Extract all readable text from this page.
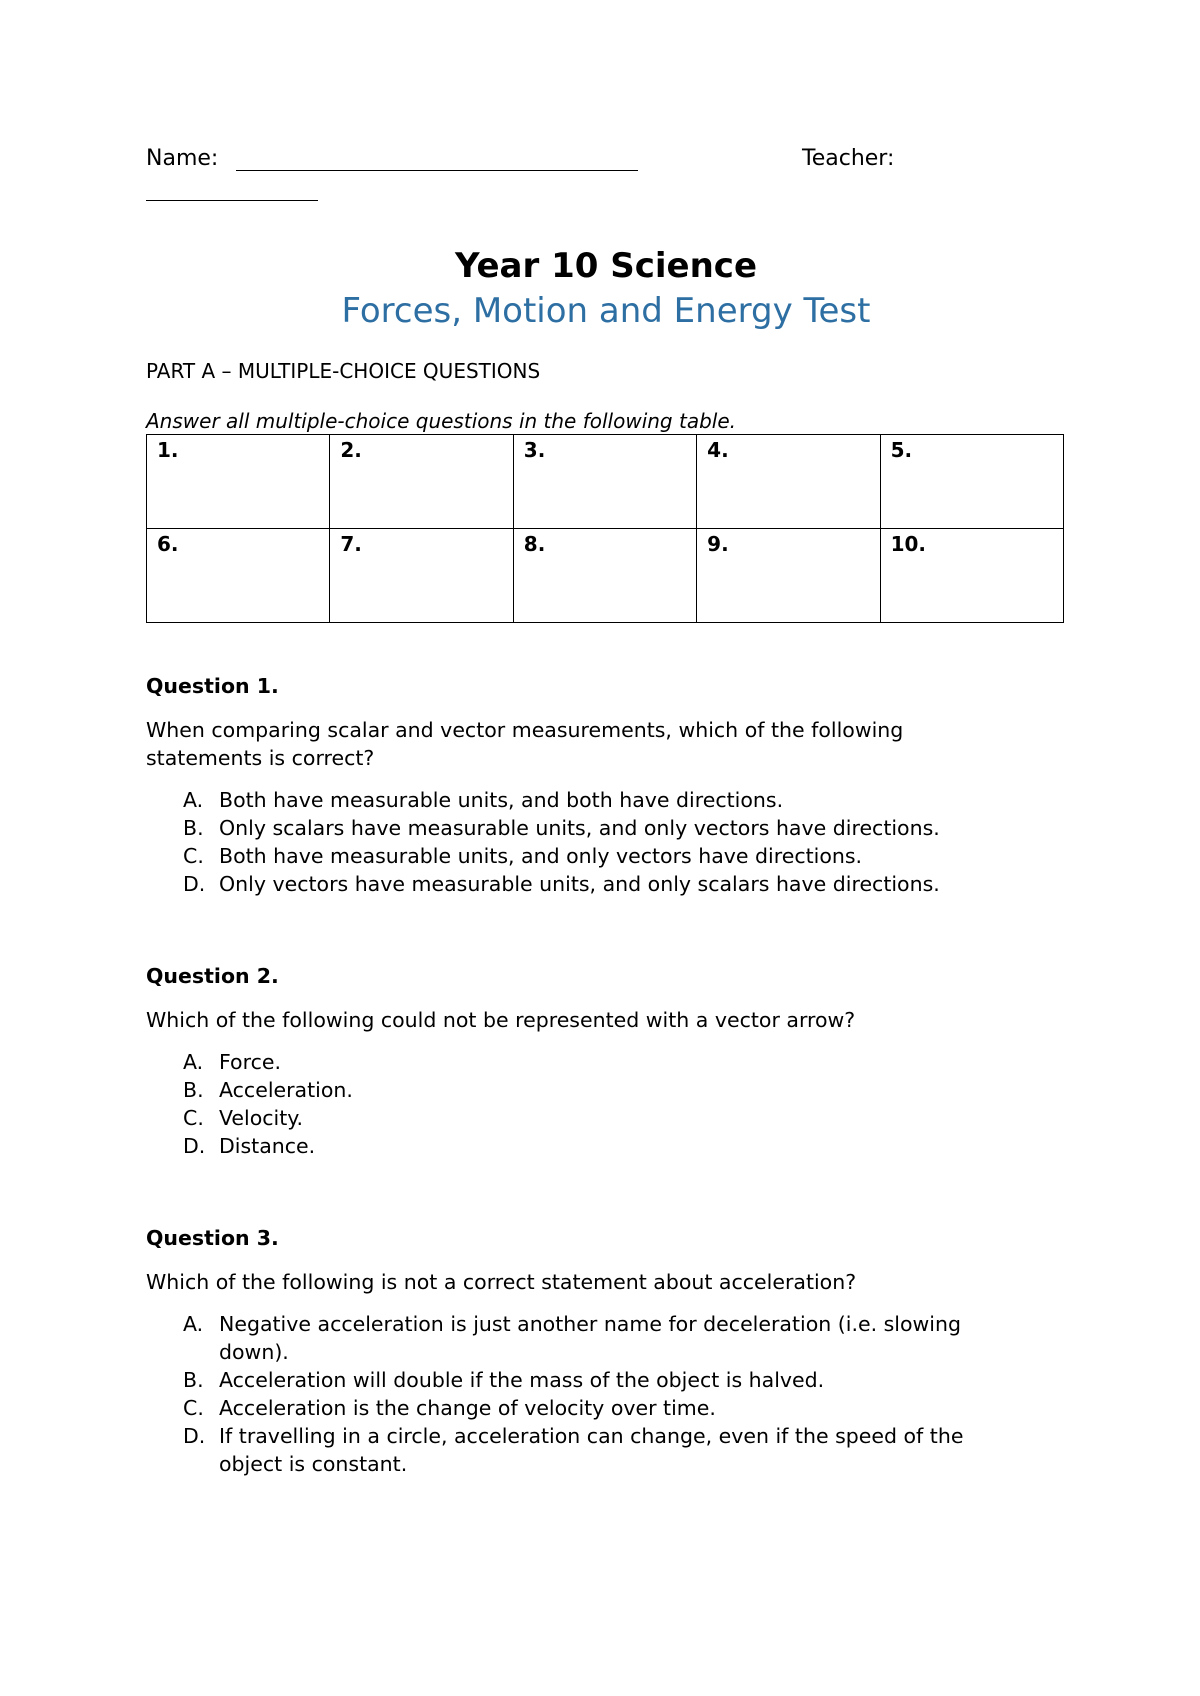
Name:	Teacher:
Year 10 Science
Forces, Motion and Energy Test
PART A – MULTIPLE-CHOICE QUESTIONS
Answer all multiple-choice questions in the following table.
1.	2.	3.	4.	5.
6.	7.	8.	9.	10.

Question 1.

When comparing scalar and vector measurements, which of the following statements is correct?

A. Both have measurable units, and both have directions.
B. Only scalars have measurable units, and only vectors have directions.
C. Both have measurable units, and only vectors have directions.
D. Only vectors have measurable units, and only scalars have directions.

Question 2.

Which of the following could not be represented with a vector arrow?

A. Force.
B. Acceleration.
C. Velocity.
D. Distance.

Question 3.

Which of the following is not a correct statement about acceleration?

A. Negative acceleration is just another name for deceleration (i.e. slowing down).
B. Acceleration will double if the mass of the object is halved.
C. Acceleration is the change of velocity over time.
D. If travelling in a circle, acceleration can change, even if the speed of the object is constant.
